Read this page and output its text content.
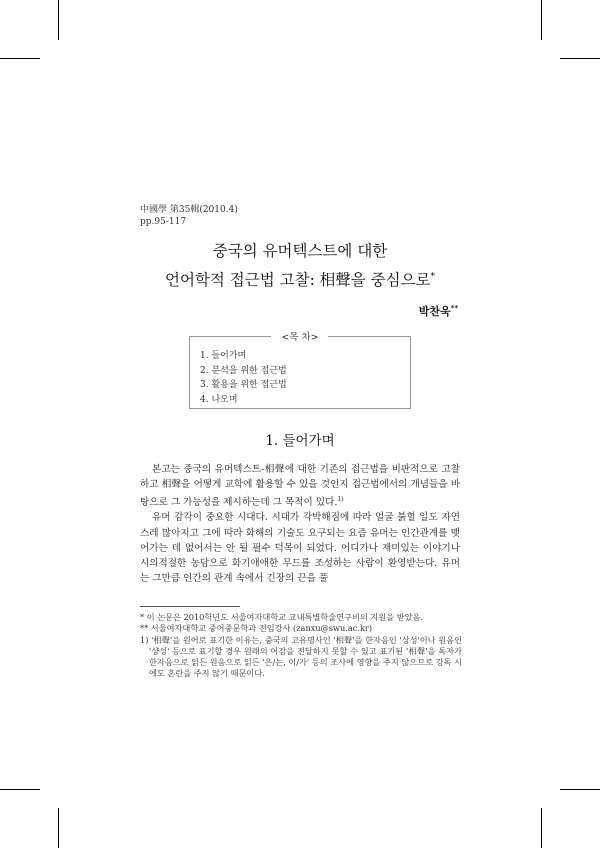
中國學 第35輯(2010.4)
pp.95-117
중국의 유머텍스트에 대한
언어학적 접근법 고찰: 相聲을 중심으로*
박찬욱**
<목 차>
1. 들어가며
2. 분석을 위한 접근법
3. 활용을 위한 접근법
4. 나오며
1. 들어가며

본고는 중국의 유머텍스트-相聲에 대한 기존의 접근법을 비판적으로 고찰하고 相聲을 어떻게 교학에 활용할 수 있을 것인지 접근법에서의 개념들을 바탕으로 그 가능성을 제시하는데 그 목적이 있다.$^{1)}$

유머 감각이 중요한 시대다. 시대가 각박해짐에 따라 얼굴 붉힐 일도 자연스레 많아지고 그에 따라 화해의 기술도 요구되는 요즘 유머는 인간관계를 맺어가는 데 없어서는 안 될 필수 덕목이 되었다. 어디가나 재미있는 이야기나 시의적절한 농담으로 화기애애한 무드를 조성하는 사람이 환영받는다. 유머는 그만큼 인간의 관계 속에서 긴장의 끈을 풀

* 이 논문은 2010학년도 서울여자대학교 교내특별학술연구비의 지원을 받았음.

** 서울여자대학교 중어중문학과 전임강사 (zanxu@swu.ac.kr)

1) '相聲'을 원어로 표기한 이유는, 중국의 고유명사인 '相聲'을 한자음인 '상성'이나 원음인 '샹성' 등으로 표기할 경우 원래의 어감을 전달하지 못할 수 있고 표기된 '相聲'을 독자가 한자음으로 읽든 원음으로 읽든 '은/는, 이/가' 등의 조사에 영향을 주지 않으므로 강독 시에도 혼란을 주지 않기 때문이다.
